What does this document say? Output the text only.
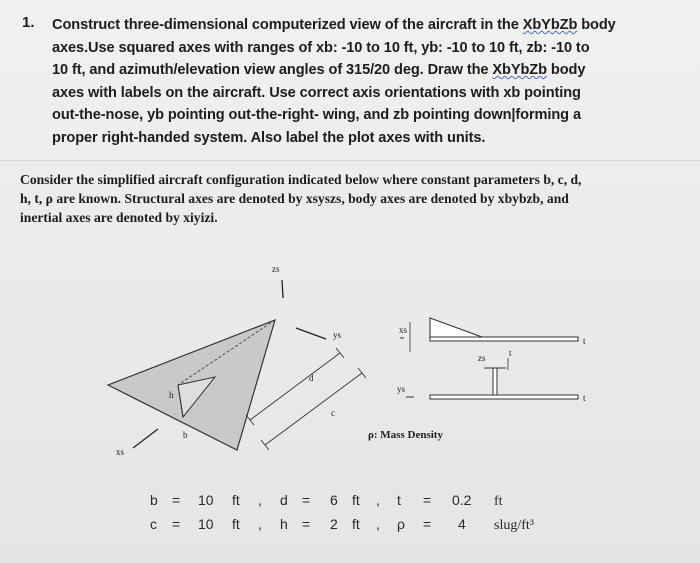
1. Construct three-dimensional computerized view of the aircraft in the XbYbZb body
axes.Use squared axes with ranges of xb: -10 to 10 ft, yb: -10 to 10 ft, zb: -10 to
10 ft, and azimuth/elevation view angles of 315/20 deg. Draw the XbYbZb body
axes with labels on the aircraft. Use correct axis orientations with xb pointing
out-the-nose, yb pointing out-the-right- wing, and zb pointing down|forming a
proper right-handed system. Also label the plot axes with units.
Consider the simplified aircraft configuration indicated below where constant parameters b, c, d,
h, t, ρ are known. Structural axes are denoted by xsyszs, body axes are denoted by xbybzb, and
inertial axes are denoted by xiyizi.
zs
xs
ys
d
c
b
h
xs
t
zs	t
ys
t
ρ: Mass Density
b = 10 ft , d = 6 ft , t = 0.2 ft
c = 10 ft , h = 2 ft , ρ = 4 slug/ft³
